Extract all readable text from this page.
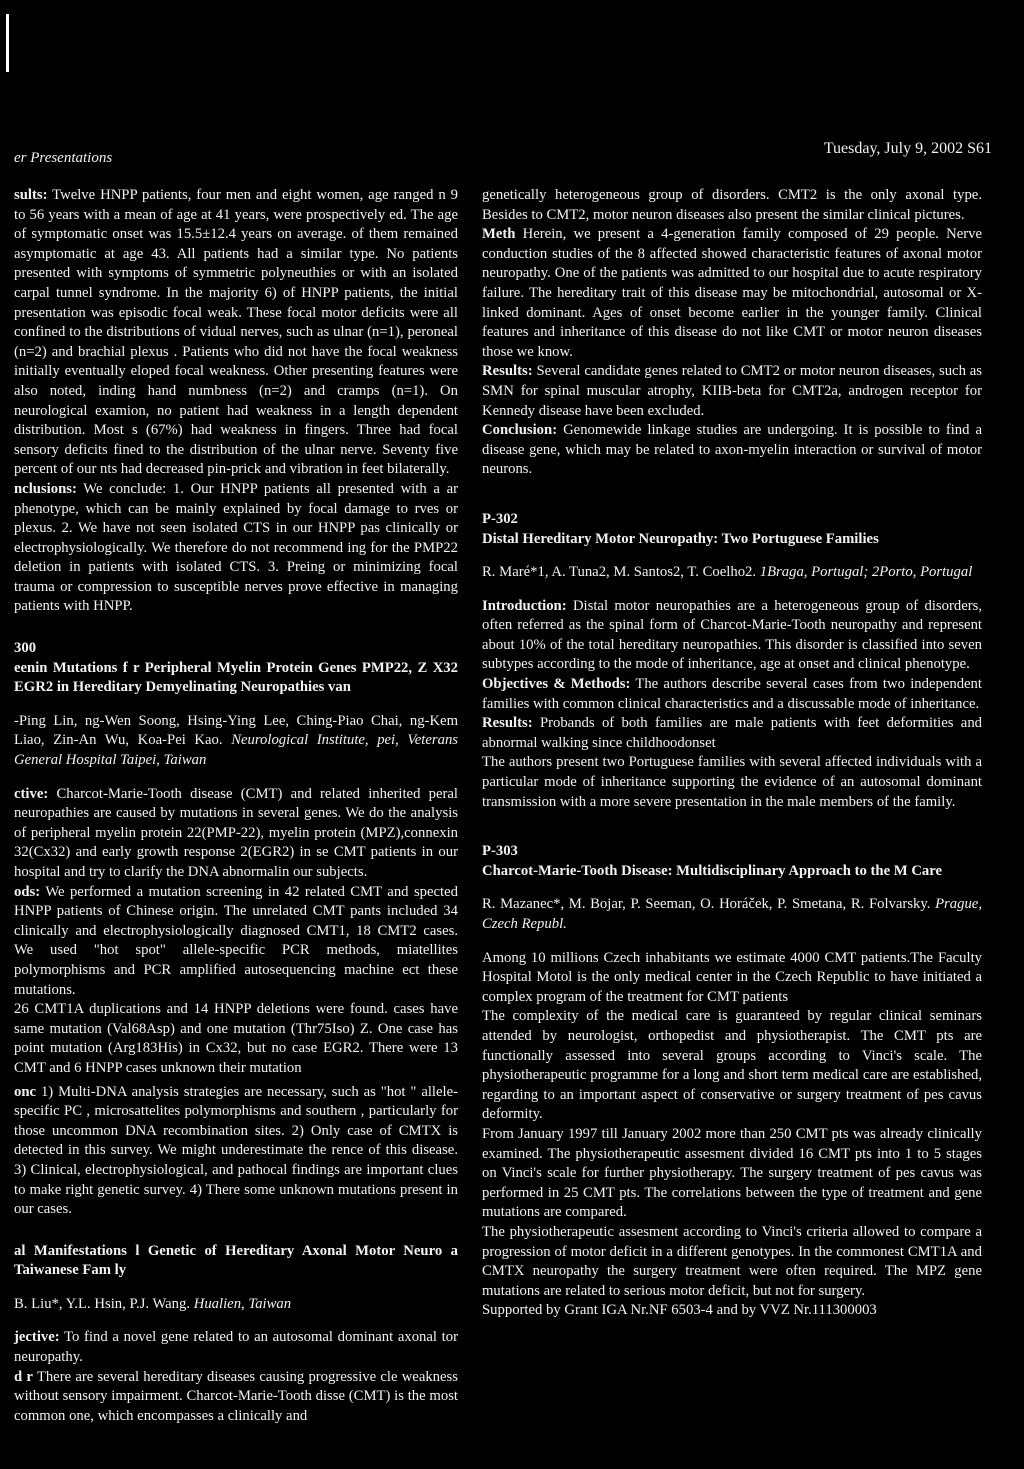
er Presentations
Tuesday, July 9, 2002 S61

sults: Twelve HNPP patients, four men and eight women, age ranged n 9 to 56 years with a mean of age at 41 years, were prospectively ed. The age of symptomatic onset was 15.5±12.4 years on average. of them remained asymptomatic at age 43. All patients had a similar type. No patients presented with symptoms of symmetric polyneuthies or with an isolated carpal tunnel syndrome. In the majority 6) of HNPP patients, the initial presentation was episodic focal weak. These focal motor deficits were all confined to the distributions of vidual nerves, such as ulnar (n=1), peroneal (n=2) and brachial plexus . Patients who did not have the focal weakness initially eventually eloped focal weakness. Other presenting features were also noted, inding hand numbness (n=2) and cramps (n=1). On neurological examion, no patient had weakness in a length dependent distribution. Most s (67%) had weakness in fingers. Three had focal sensory deficits fined to the distribution of the ulnar nerve. Seventy five percent of our nts had decreased pin-prick and vibration in feet bilaterally.

nclusions: We conclude: 1. Our HNPP patients all presented with a ar phenotype, which can be mainly explained by focal damage to rves or plexus. 2. We have not seen isolated CTS in our HNPP pas clinically or electrophysiologically. We therefore do not recommend ing for the PMP22 deletion in patients with isolated CTS. 3. Preing or minimizing focal trauma or compression to susceptible nerves prove effective in managing patients with HNPP.

300
eenin Mutations f r Peripheral Myelin Protein Genes PMP22, Z X32 EGR2 in Hereditary Demyelinating Neuropathies van
-Ping Lin, ng-Wen Soong, Hsing-Ying Lee, Ching-Piao Chai, ng-Kem Liao, Zin-An Wu, Koa-Pei Kao. Neurological Institute, pei, Veterans General Hospital Taipei, Taiwan

ctive: Charcot-Marie-Tooth disease (CMT) and related inherited peral neuropathies are caused by mutations in several genes. We do the analysis of peripheral myelin protein 22(PMP-22), myelin protein (MPZ),connexin 32(Cx32) and early growth response 2(EGR2) in se CMT patients in our hospital and try to clarify the DNA abnormalin our subjects.

ods: We performed a mutation screening in 42 related CMT and spected HNPP patients of Chinese origin. The unrelated CMT pants included 34 clinically and electrophysiologically diagnosed CMT1, 18 CMT2 cases. We used "hot spot" allele-specific PCR methods, miatellites polymorphisms and PCR amplified autosequencing machine ect these mutations.

26 CMT1A duplications and 14 HNPP deletions were found. cases have same mutation (Val68Asp) and one mutation (Thr75Iso) Z. One case has point mutation (Arg183His) in Cx32, but no case EGR2. There were 13 CMT and 6 HNPP cases unknown their mutation

onc 1) Multi-DNA analysis strategies are necessary, such as "hot " allele-specific PC , microsattelites polymorphisms and southern , particularly for those uncommon DNA recombination sites. 2) Only case of CMTX is detected in this survey. We might underestimate the rence of this disease. 3) Clinical, electrophysiological, and pathocal findings are important clues to make right genetic survey. 4) There some unknown mutations present in our cases.

al Manifestations l Genetic of Hereditary Axonal Motor Neuro a Taiwanese Fam ly
B. Liu*, Y.L. Hsin, P.J. Wang. Hualien, Taiwan

jective: To find a novel gene related to an autosomal dominant axonal tor neuropathy.

d r There are several hereditary diseases causing progressive cle weakness without sensory impairment. Charcot-Marie-Tooth disse (CMT) is the most common one, which encompasses a clinically and

genetically heterogeneous group of disorders. CMT2 is the only axonal type. Besides to CMT2, motor neuron diseases also present the similar clinical pictures.

Meth Herein, we present a 4-generation family composed of 29 people. Nerve conduction studies of the 8 affected showed characteristic features of axonal motor neuropathy. One of the patients was admitted to our hospital due to acute respiratory failure. The hereditary trait of this disease may be mitochondrial, autosomal or X-linked dominant. Ages of onset become earlier in the younger family. Clinical features and inheritance of this disease do not like CMT or motor neuron diseases those we know.

Results: Several candidate genes related to CMT2 or motor neuron diseases, such as SMN for spinal muscular atrophy, KIIB-beta for CMT2a, androgen receptor for Kennedy disease have been excluded.

Conclusion: Genomewide linkage studies are undergoing. It is possible to find a disease gene, which may be related to axon-myelin interaction or survival of motor neurons.

P-302
Distal Hereditary Motor Neuropathy: Two Portuguese Families
R. Maré*1, A. Tuna2, M. Santos2, T. Coelho2. 1Braga, Portugal; 2Porto, Portugal

Introduction: Distal motor neuropathies are a heterogeneous group of disorders, often referred as the spinal form of Charcot-Marie-Tooth neuropathy and represent about 10% of the total hereditary neuropathies. This disorder is classified into seven subtypes according to the mode of inheritance, age at onset and clinical phenotype.

Objectives & Methods: The authors describe several cases from two independent families with common clinical characteristics and a discussable mode of inheritance.

Results: Probands of both families are male patients with feet deformities and abnormal walking since childhoodonset

The authors present two Portuguese families with several affected individuals with a particular mode of inheritance supporting the evidence of an autosomal dominant transmission with a more severe presentation in the male members of the family.

P-303
Charcot-Marie-Tooth Disease: Multidisciplinary Approach to the M Care
R. Mazanec*, M. Bojar, P. Seeman, O. Horáček, P. Smetana, R. Folvarsky. Prague, Czech Republ.

Among 10 millions Czech inhabitants we estimate 4000 CMT patients.The Faculty Hospital Motol is the only medical center in the Czech Republic to have initiated a complex program of the treatment for CMT patients

The complexity of the medical care is guaranteed by regular clinical seminars attended by neurologist, orthopedist and physiotherapist. The CMT pts are functionally assessed into several groups according to Vinci's scale. The physiotherapeutic programme for a long and short term medical care are established, regarding to an important aspect of conservative or surgery treatment of pes cavus deformity.

From January 1997 till January 2002 more than 250 CMT pts was already clinically examined. The physiotherapeutic assesment divided 16 CMT pts into 1 to 5 stages on Vinci's scale for further physiotherapy. The surgery treatment of pes cavus was performed in 25 CMT pts. The correlations between the type of treatment and gene mutations are compared.

The physiotherapeutic assesment according to Vinci's criteria allowed to compare a progression of motor deficit in a different genotypes. In the commonest CMT1A and CMTX neuropathy the surgery treatment were often required. The MPZ gene mutations are related to serious motor deficit, but not for surgery.

Supported by Grant IGA Nr.NF 6503-4 and by VVZ Nr.111300003
